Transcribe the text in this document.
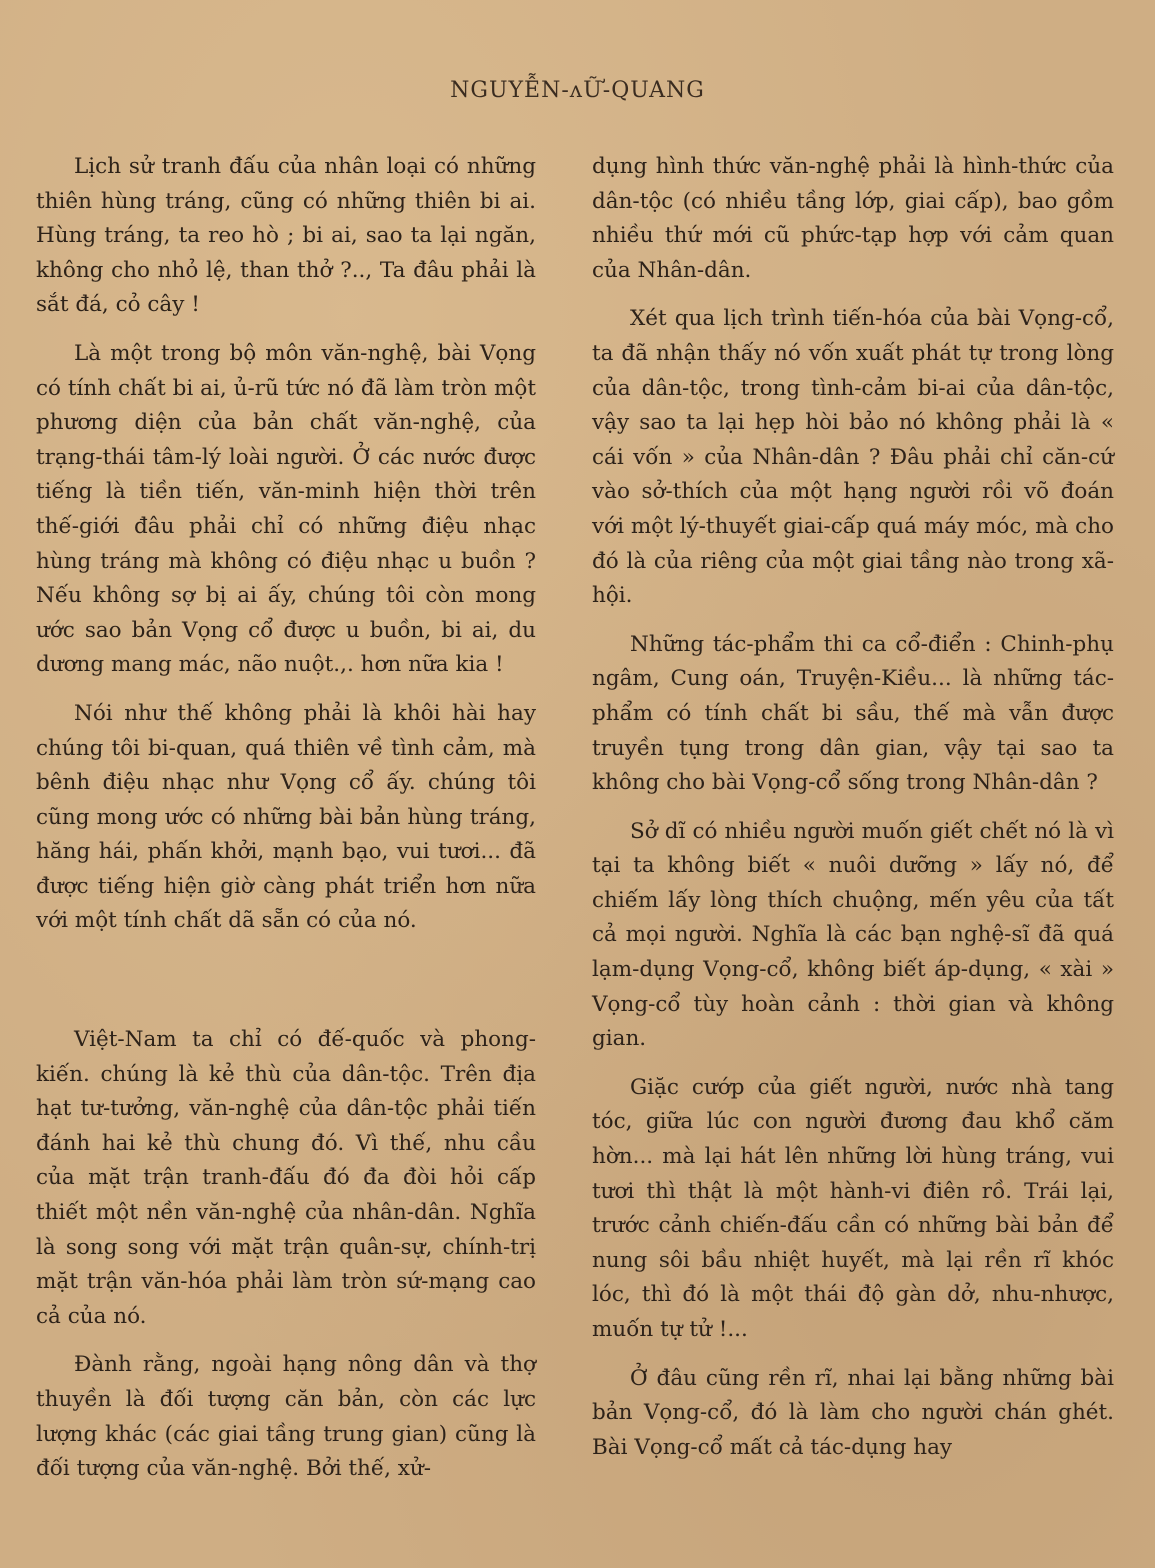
NGUYỄN-ʌỮ-QUANG

Lịch sử tranh đấu của nhân loại có những thiên hùng tráng, cũng có những thiên bi ai. Hùng tráng, ta reo hò ; bi ai, sao ta lại ngăn, không cho nhỏ lệ, than thở ?.., Ta đâu phải là sắt đá, cỏ cây !

Là một trong bộ môn văn-nghệ, bài Vọng có tính chất bi ai, ủ-rũ tức nó đã làm tròn một phương diện của bản chất văn-nghệ, của trạng-thái tâm-lý loài người. Ở các nước được tiếng là tiền tiến, văn-minh hiện thời trên thế-giới đâu phải chỉ có những điệu nhạc hùng tráng mà không có điệu nhạc u buồn ? Nếu không sợ bị ai ấy, chúng tôi còn mong ước sao bản Vọng cổ được u buồn, bi ai, du dương mang mác, não nuột.,. hơn nữa kia !

Nói như thế không phải là khôi hài hay chúng tôi bi-quan, quá thiên về tình cảm, mà bênh điệu nhạc như Vọng cổ ấy. chúng tôi cũng mong ước có những bài bản hùng tráng, hăng hái, phấn khởi, mạnh bạo, vui tươi... đã được tiếng hiện giờ càng phát triển hơn nữa với một tính chất dã sẵn có của nó.

Việt-Nam ta chỉ có đế-quốc và phong-kiến. chúng là kẻ thù của dân-tộc. Trên địa hạt tư-tưởng, văn-nghệ của dân-tộc phải tiến đánh hai kẻ thù chung đó. Vì thế, nhu cầu của mặt trận tranh-đấu đó đa đòi hỏi cấp thiết một nền văn-nghệ của nhân-dân. Nghĩa là song song với mặt trận quân-sự, chính-trị mặt trận văn-hóa phải làm tròn sứ-mạng cao cả của nó.

Đành rằng, ngoài hạng nông dân và thợ thuyền là đối tượng căn bản, còn các lực lượng khác (các giai tầng trung gian) cũng là đối tượng của văn-nghệ. Bởi thế, xử-

dụng hình thức văn-nghệ phải là hình-thức của dân-tộc (có nhiều tầng lớp, giai cấp), bao gồm nhiều thứ mới cũ phức-tạp hợp với cảm quan của Nhân-dân.

Xét qua lịch trình tiến-hóa của bài Vọng-cổ, ta đã nhận thấy nó vốn xuất phát tự trong lòng của dân-tộc, trong tình-cảm bi-ai của dân-tộc, vậy sao ta lại hẹp hòi bảo nó không phải là « cái vốn » của Nhân-dân ? Đâu phải chỉ căn-cứ vào sở-thích của một hạng người rồi võ đoán với một lý-thuyết giai-cấp quá máy móc, mà cho đó là của riêng của một giai tầng nào trong xã-hội.

Những tác-phẩm thi ca cổ-điển : Chinh-phụ ngâm, Cung oán, Truyện-Kiều... là những tác-phẩm có tính chất bi sầu, thế mà vẫn được truyền tụng trong dân gian, vậy tại sao ta không cho bài Vọng-cổ sống trong Nhân-dân ?

Sở dĩ có nhiều người muốn giết chết nó là vì tại ta không biết « nuôi dưỡng » lấy nó, để chiếm lấy lòng thích chuộng, mến yêu của tất cả mọi người. Nghĩa là các bạn nghệ-sĩ đã quá lạm-dụng Vọng-cổ, không biết áp-dụng, « xài » Vọng-cổ tùy hoàn cảnh : thời gian và không gian.

Giặc cướp của giết người, nước nhà tang tóc, giữa lúc con người đương đau khổ căm hờn... mà lại hát lên những lời hùng tráng, vui tươi thì thật là một hành-vi điên rồ. Trái lại, trước cảnh chiến-đấu cần có những bài bản để nung sôi bầu nhiệt huyết, mà lại rền rĩ khóc lóc, thì đó là một thái độ gàn dở, nhu-nhược, muốn tự tử !...

Ở đâu cũng rền rĩ, nhai lại bằng những bài bản Vọng-cổ, đó là làm cho người chán ghét. Bài Vọng-cổ mất cả tác-dụng hay
